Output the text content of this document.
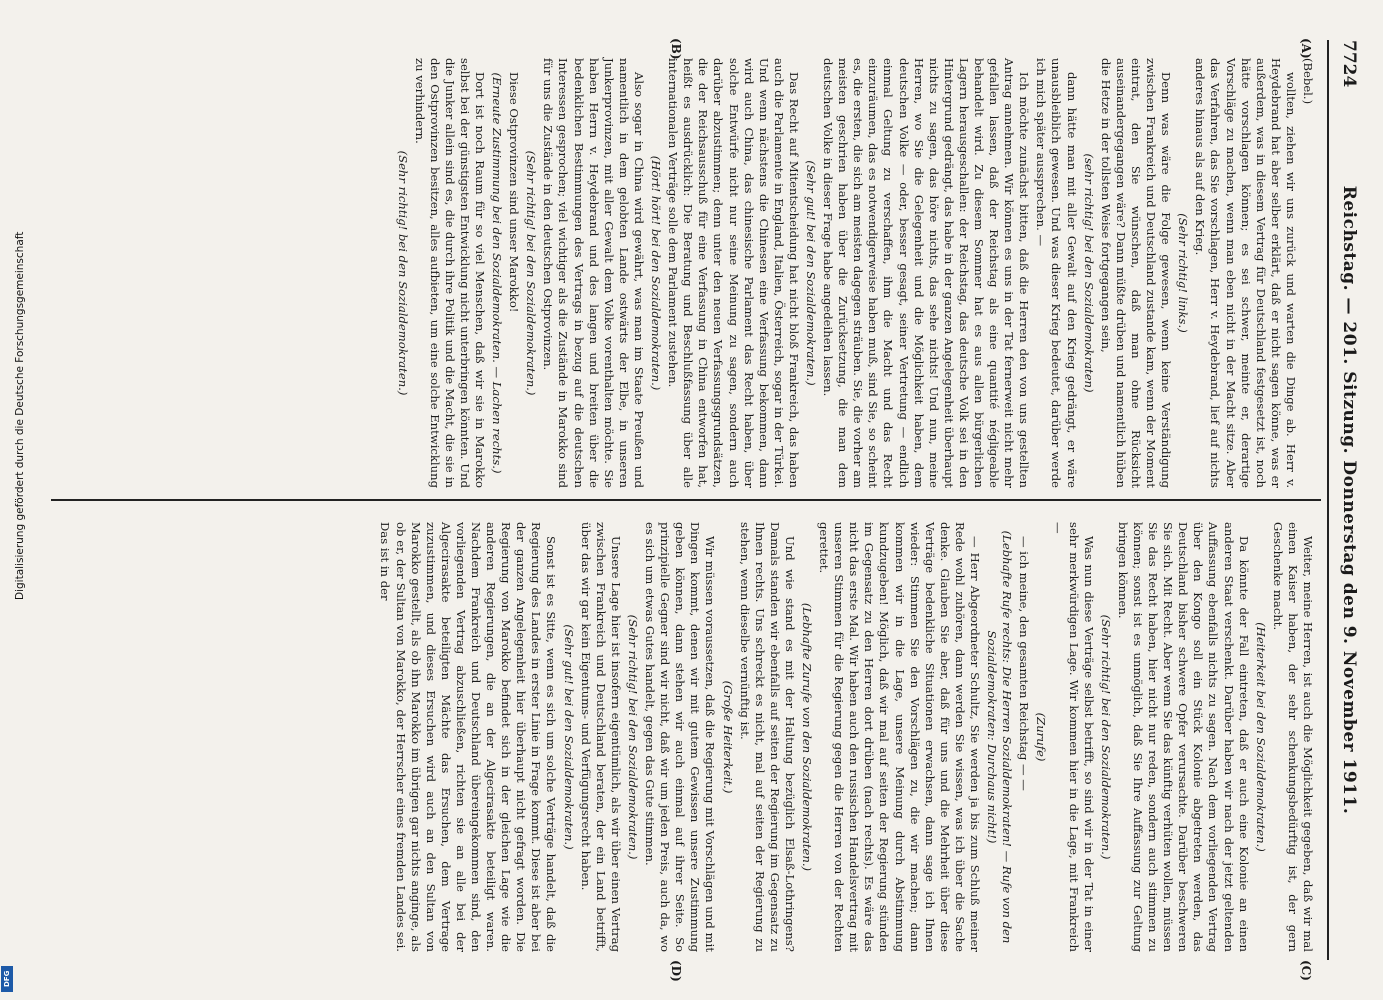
7724
Reichstag. — 201. Sitzung. Donnerstag den 9. November 1911.
(A)
(B)
(C)
(D)

(Bebel.)

wollten, ziehen wir uns zurück und warten die Dinge ab. Herr v. Heydebrand hat aber selber erklärt, daß er nicht sagen könne, was er außerdem, was in diesem Vertrag für Deutschland festgesetzt ist, noch hätte vorschlagen können; es sei schwer, meinte er, derartige Vorschläge zu machen, wenn man eben nicht in der Macht sitze. Aber das Verfahren, das Sie vorschlagen, Herr v. Heydebrand, lief auf nichts anderes hinaus als auf den Krieg.

(Sehr richtig! links.)

Denn was wäre die Folge gewesen, wenn keine Verständigung zwischen Frankreich und Deutschland zustande kam, wenn der Moment eintrat, den Sie wünschen, daß man ohne Rücksicht auseinandergegangen wäre? Dann müßte drüben und namentlich hüben die Hetze in der tollsten Weise fortgegangen sein,

(sehr richtig! bei den Sozialdemokraten)

dann hätte man mit aller Gewalt auf den Krieg gedrängt, er wäre unausbleiblich gewesen. Und was dieser Krieg bedeutet, darüber werde ich mich später aussprechen. —

Ich möchte zunächst bitten, daß die Herren den von uns gestellten Antrag annehmen. Wir können es uns in der Tat fernerweit nicht mehr gefallen lassen, daß der Reichstag als eine quantité négligeable behandelt wird. Zu diesem Sommer hat es aus allen bürgerlichen Lagern herausgeschallen: der Reichstag, das deutsche Volk sei in den Hintergrund gedrängt, das habe in der ganzen Angelegenheit überhaupt nichts zu sagen, das höre nichts, das sehe nichts! Und nun, meine Herren, wo Sie die Gelegenheit und die Möglichkeit haben, dem deutschen Volke — oder, besser gesagt, seiner Vertretung — endlich einmal Geltung zu verschaffen, ihm die Macht und das Recht einzuräumen, das es notwendigerweise haben muß, sind Sie, so scheint es, die ersten, die sich am meisten dagegen sträuben. Sie, die vorher am meisten geschrien haben über die Zurücksetzung, die man dem deutschen Volke in dieser Frage habe angedeihen lassen.

(Sehr gut! bei den Sozialdemokraten.)

Das Recht auf Mitentscheidung hat nicht bloß Frankreich, das haben auch die Parlamente in England, Italien, Österreich, sogar in der Türkei. Und wenn nächstens die Chinesen eine Verfassung bekommen, dann wird auch China, das chinesische Parlament das Recht haben, über solche Entwürfe nicht nur seine Meinung zu sagen, sondern auch darüber abzustimmen; denn unter den neuen Verfassungsgrundsätzen, die der Reichsausschuß für eine Verfassung in China entworfen hat, heißt es ausdrücklich: Die Beratung und Beschlußfassung über alle internationalen Verträge solle dem Parlament zustehen.

(Hört! hört! bei den Sozialdemokraten.)

Also sogar in China wird gewährt, was man im Staate Preußen und namentlich in dem gelobten Lande ostwärts der Elbe, in unseren Junkerprovinzen, mit aller Gewalt dem Volke vorenthalten möchte. Sie haben Herrn v. Heydebrand und des langen und breiten über die bedenklichen Bestimmungen des Vertrags in bezug auf die deutschen Interessen gesprochen; viel wichtiger als die Zustände in Marokko sind für uns die Zustände in den deutschen Ostprovinzen.

(Sehr richtig! bei den Sozialdemokraten.)

Diese Ostprovinzen sind unser Marokko!

(Erneute Zustimmung bei den Sozialdemokraten. — Lachen rechts.)

Dort ist noch Raum für so viel Menschen, daß wir sie in Marokko selbst bei der günstigsten Entwicklung nicht unterbringen könnten. Und die Junker allein sind es, die durch ihre Politik und die Macht, die sie in den Ostprovinzen besitzen, alles aufbieten, um eine solche Entwicklung zu verhindern.

(Sehr richtig! bei den Sozialdemokraten.)

Weiter, meine Herren, ist auch die Möglichkeit gegeben, daß wir mal einen Kaiser haben, der sehr schenkungsbedürftig ist, der gern Geschenke macht.

(Heiterkeit bei den Sozialdemokraten.)

Da könnte der Fall eintreten, daß er auch eine Kolonie an einen anderen Staat verschenkt. Darüber haben wir nach der jetzt geltenden Auffassung ebenfalls nichts zu sagen. Nach dem vorliegenden Vertrag über den Kongo soll ein Stück Kolonie abgetreten werden, das Deutschland bisher schwere Opfer verursachte. Darüber beschweren Sie sich. Mit Recht. Aber wenn Sie das künftig verhüten wollen, müssen Sie das Recht haben, hier nicht nur reden, sondern auch stimmen zu können; sonst ist es unmöglich, daß Sie Ihre Auffassung zur Geltung bringen können.

(Sehr richtig! bei den Sozialdemokraten.)

Was nun diese Verträge selbst betrifft, so sind wir in der Tat in einer sehr merkwürdigen Lage. Wir kommen hier in die Lage, mit Frankreich —

(Zurufe)

— ich meine, den gesamten Reichstag — —

(Lebhafte Rufe rechts: Die Herren Sozialdemokraten! — Rufe von den Sozialdemokraten: Durchaus nicht!)

— Herr Abgeordneter Schultz, Sie werden ja bis zum Schluß meiner Rede wohl zuhören, dann werden Sie wissen, was ich über die Sache denke. Glauben Sie aber, daß für uns und die Mehrheit über diese Verträge bedenkliche Situationen erwachsen, dann sage ich Ihnen wieder: Stimmen Sie den Vorschlägen zu, die wir machen; dann kommen wir in die Lage, unsere Meinung durch Abstimmung kundzugeben! Möglich, daß wir mal auf seiten der Regierung stünden im Gegensatz zu den Herren dort drüben (nach rechts). Es wäre das nicht das erste Mal. Wir haben auch den russischen Handelsvertrag mit unseren Stimmen für die Regierung gegen die Herren von der Rechten gerettet.

(Lebhafte Zurufe von den Sozialdemokraten.)

Und wie stand es mit der Haltung bezüglich Elsaß-Lothringens? Damals standen wir ebenfalls auf seiten der Regierung im Gegensatz zu Ihnen rechts. Uns schreckt es nicht, mal auf seiten der Regierung zu stehen, wenn dieselbe vernünftig ist.

(Große Heiterkeit.)

Wir müssen voraussetzen, daß die Regierung mit Vorschlägen und mit Dingen kommt, denen wir mit gutem Gewissen unsere Zustimmung geben können, dann stehen wir auch einmal auf ihrer Seite. So prinzipielle Gegner sind wir nicht, daß wir um jeden Preis, auch da, wo es sich um etwas Gutes handelt, gegen das Gute stimmen.

(Sehr richtig! bei den Sozialdemokraten.)

Unsere Lage hier ist insofern eigentümlich, als wir über einen Vertrag zwischen Frankreich und Deutschland beraten, der ein Land betrifft, über das wir gar kein Eigentums- und Verfügungsrecht haben.

(Sehr gut! bei den Sozialdemokraten.)

Sonst ist es Sitte, wenn es sich um solche Verträge handelt, daß die Regierung des Landes in erster Linie in Frage kommt. Diese ist aber bei der ganzen Angelegenheit hier überhaupt nicht gefragt worden. Die Regierung von Marokko befindet sich in der gleichen Lage wie die anderen Regierungen, die an der Algecirasakte beteiligt waren. Nachdem Frankreich und Deutschland übereingekommen sind, den vorliegenden Vertrag abzuschließen, richten sie an alle bei der Algecirasakte beteiligten Mächte das Ersuchen, dem Vertrage zuzustimmen, und dieses Ersuchen wird auch an den Sultan von Marokko gestellt, als ob ihn Marokko im übrigen gar nichts anginge, als ob er, der Sultan von Marokko, der Herrscher eines fremden Landes sei. Das ist in der

Digitalisierung gefördert durch die Deutsche Forschungsgemeinschaft
DFG
